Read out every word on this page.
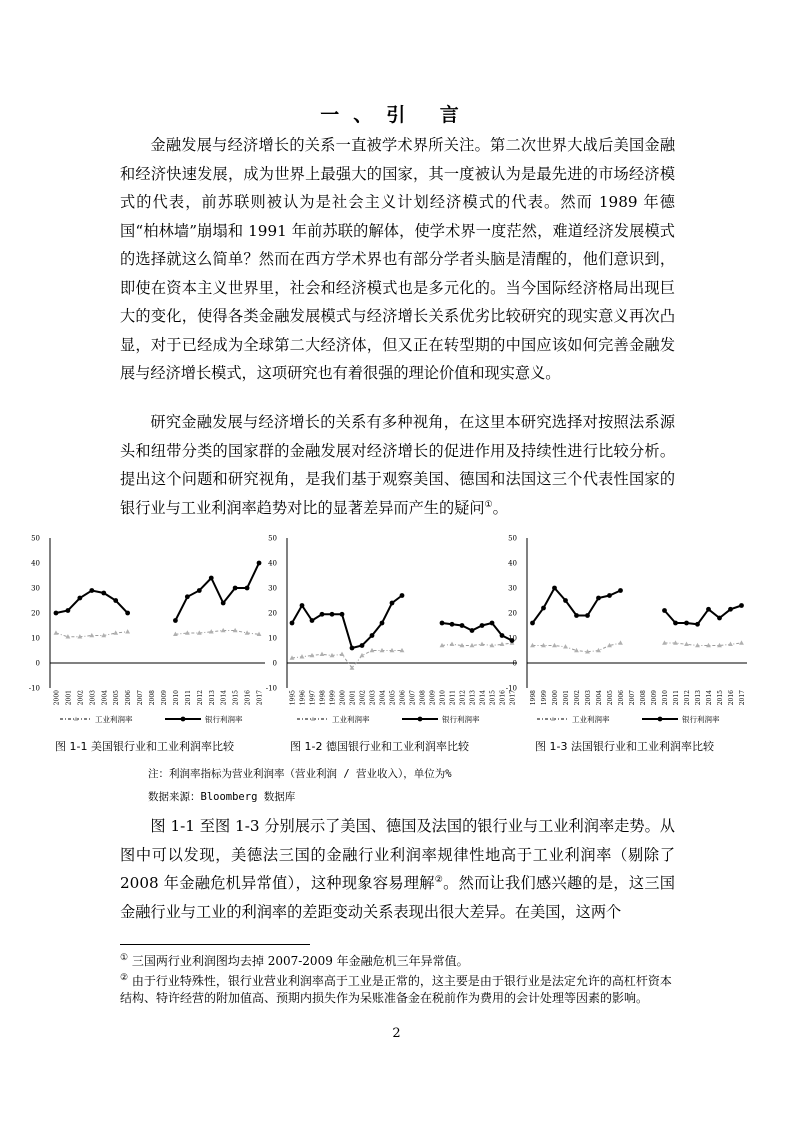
一、引 言

金融发展与经济增长的关系一直被学术界所关注。第二次世界大战后美国金融和经济快速发展，成为世界上最强大的国家，其一度被认为是最先进的市场经济模式的代表，前苏联则被认为是社会主义计划经济模式的代表。然而 1989 年德国“柏林墙”崩塌和 1991 年前苏联的解体，使学术界一度茫然，难道经济发展模式的选择就这么简单？然而在西方学术界也有部分学者头脑是清醒的，他们意识到，即使在资本主义世界里，社会和经济模式也是多元化的。当今国际经济格局出现巨大的变化，使得各类金融发展模式与经济增长关系优劣比较研究的现实意义再次凸显，对于已经成为全球第二大经济体，但又正在转型期的中国应该如何完善金融发展与经济增长模式，这项研究也有着很强的理论价值和现实意义。

研究金融发展与经济增长的关系有多种视角，在这里本研究选择对按照法系源头和纽带分类的国家群的金融发展对经济增长的促进作用及持续性进行比较分析。提出这个问题和研究视角，是我们基于观察美国、德国和法国这三个代表性国家的银行业与工业利润率趋势对比的显著差异而产生的疑问①。

-10
0
10
20
30
40
50
2000 2001 2002 2003 2004 2005 2006 2007 2008 2009 2010 2011 2012 2013 2014 2015 2016 2017
工业利润率	银行利润率
-10
0
10
20
30
40
50
1995 1996 1997 1998 1999 2000 2001 2002 2003 2004 2005 2006 2007 2008 2009 2010 2011 2012 2013 2014 2015 2016 2017
工业利润率	银行利润率
-10
0
10
20
30
40
50
1998 1999 2000 2001 2002 2003 2004 2005 2006 2007 2008 2009 2010 2011 2012 2013 2014 2015 2016 2017
工业利润率	银行利润率
图 1-1 美国银行业和工业利润率比较	图 1-2 德国银行业和工业利润率比较	图 1-3 法国银行业和工业利润率比较
注：利润率指标为营业利润率（营业利润 / 营业收入），单位为%
数据来源：Bloomberg 数据库

图 1-1 至图 1-3 分别展示了美国、德国及法国的银行业与工业利润率走势。从图中可以发现，美德法三国的金融行业利润率规律性地高于工业利润率（剔除了 2008 年金融危机异常值），这种现象容易理解②。然而让我们感兴趣的是，这三国金融行业与工业的利润率的差距变动关系表现出很大差异。在美国，这两个

① 三国两行业利润图均去掉 2007-2009 年金融危机三年异常值。

② 由于行业特殊性，银行业营业利润率高于工业是正常的，这主要是由于银行业是法定允许的高杠杆资本结构、特许经营的附加值高、预期内损失作为呆账准备金在税前作为费用的会计处理等因素的影响。

2
